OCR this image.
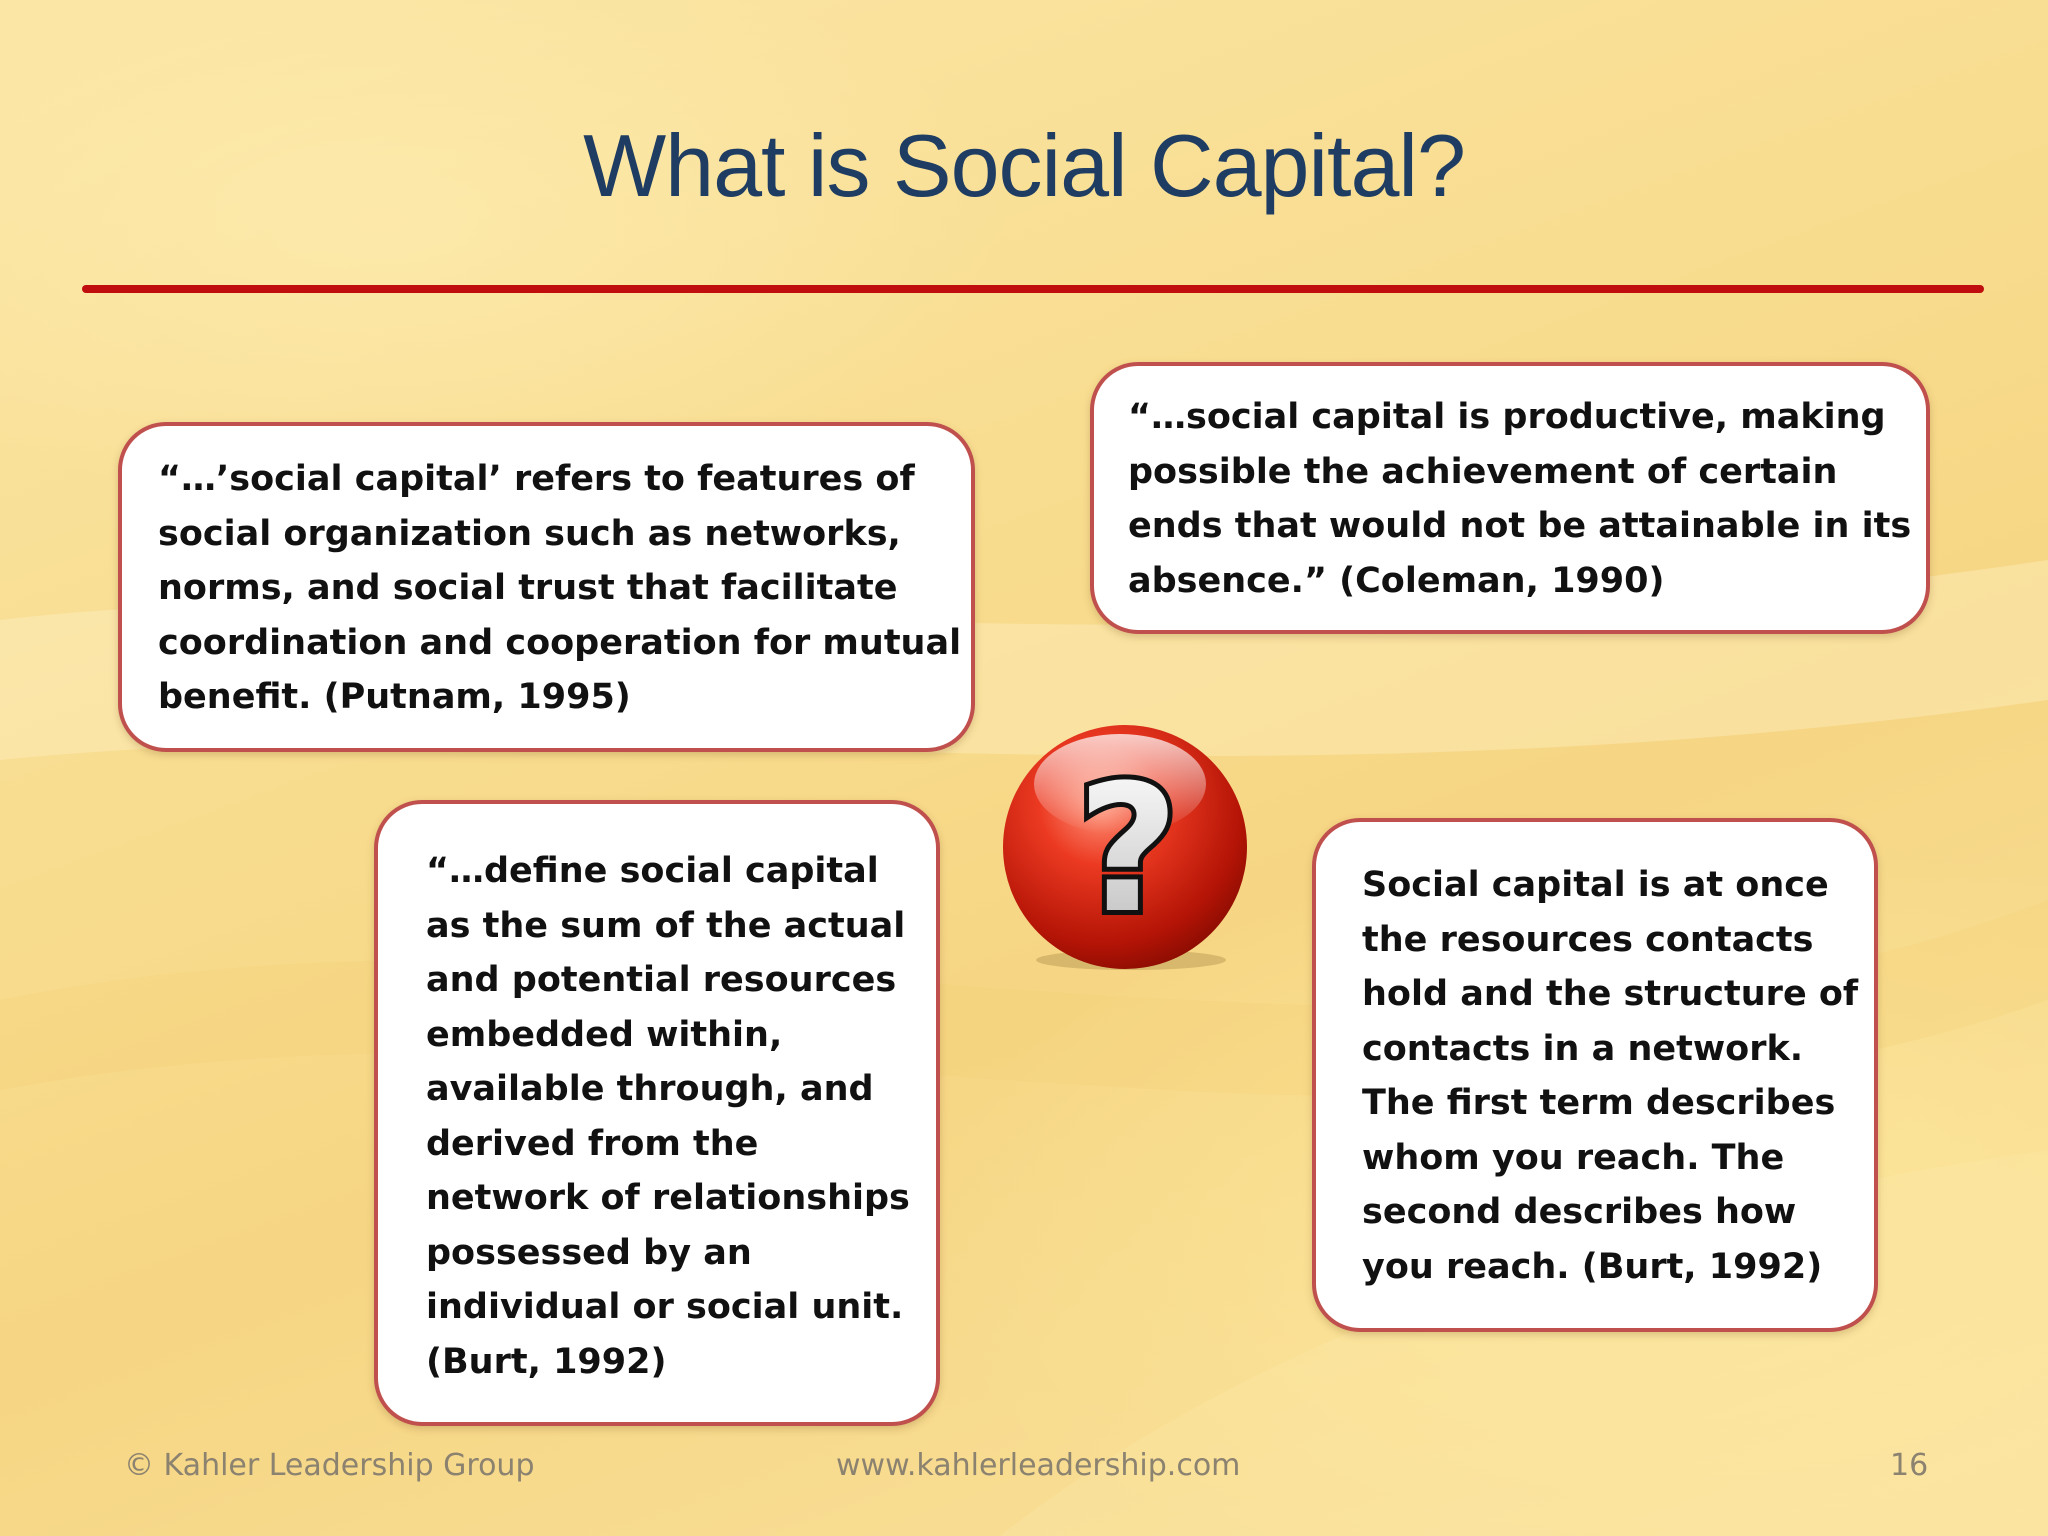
What is Social Capital?
“…’social capital’ refers to features of
social organization such as networks,
norms, and social trust that facilitate
coordination and cooperation for mutual
benefit. (Putnam, 1995)
“…social capital is productive, making
possible the achievement of certain
ends that would not be attainable in its
absence.” (Coleman, 1990)
“…define social capital
as the sum of the actual
and potential resources
embedded within,
available through, and
derived from the
network of relationships
possessed by an
individual or social unit.
(Burt, 1992)
Social capital is at once
the resources contacts
hold and the structure of
contacts in a network.
The first term describes
whom you reach. The
second describes how
you reach. (Burt, 1992)
?
© Kahler Leadership Group	www.kahlerleadership.com	16
